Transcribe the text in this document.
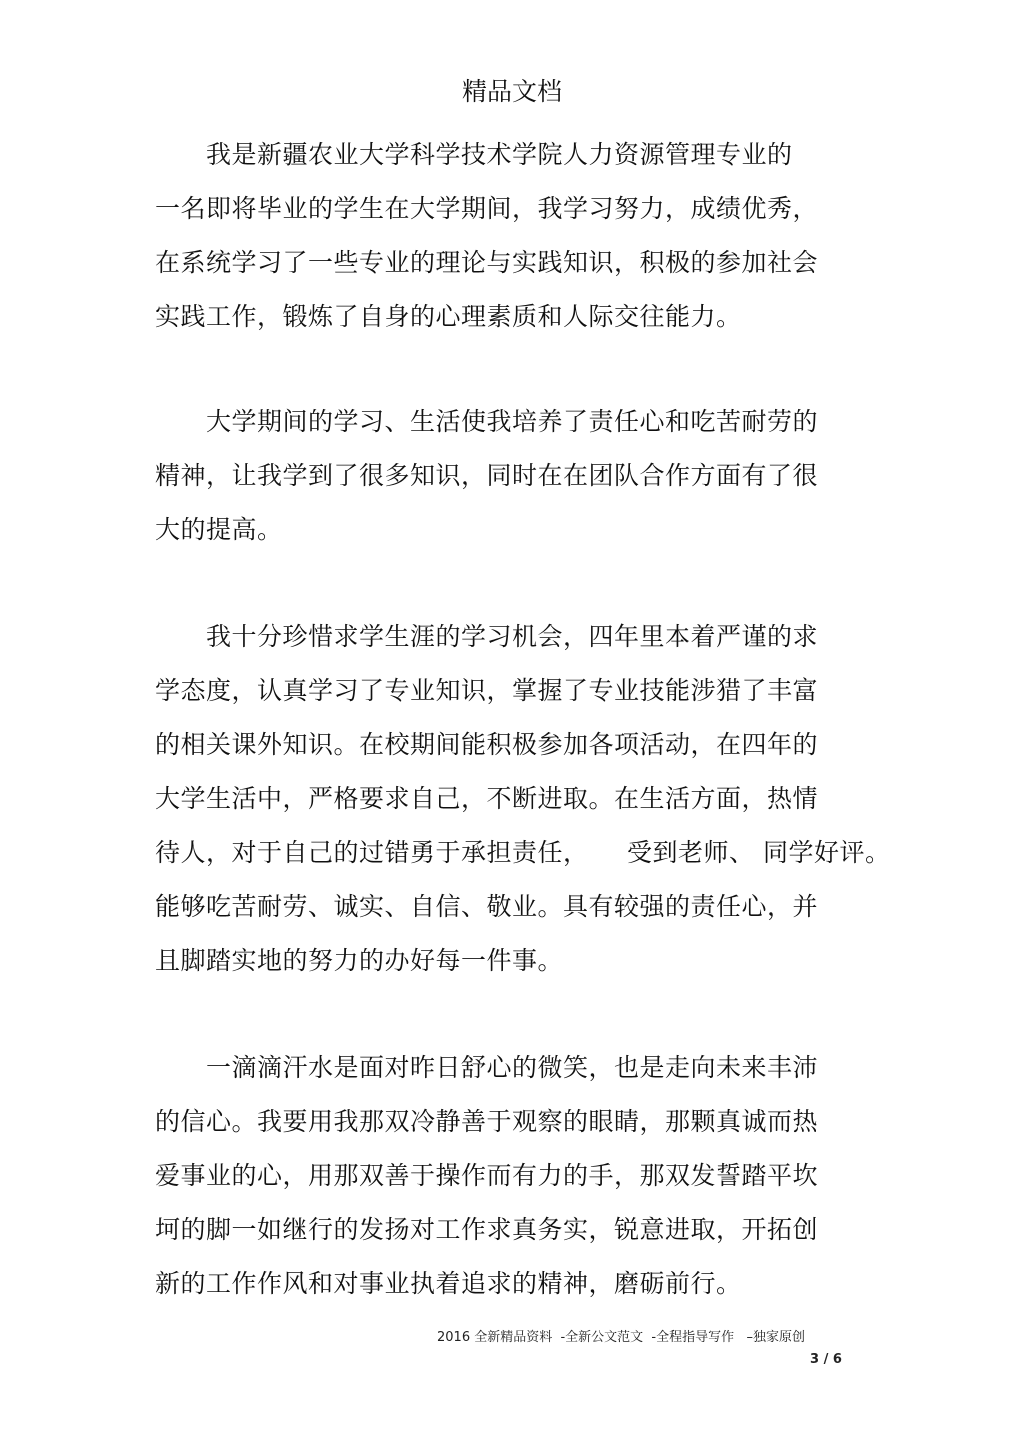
精品文档
　　我是新疆农业大学科学技术学院人力资源管理专业的
一名即将毕业的学生在大学期间，我学习努力，成绩优秀，
在系统学习了一些专业的理论与实践知识，积极的参加社会
实践工作，锻炼了自身的心理素质和人际交往能力。
　　大学期间的学习、生活使我培养了责任心和吃苦耐劳的
精神，让我学到了很多知识，同时在在团队合作方面有了很
大的提高。
　　我十分珍惜求学生涯的学习机会，四年里本着严谨的求
学态度，认真学习了专业知识，掌握了专业技能涉猎了丰富
的相关课外知识。在校期间能积极参加各项活动，在四年的
大学生活中，严格要求自己，不断进取。在生活方面，热情
待人，对于自己的过错勇于承担责任，　　受到老师、 同学好评。
能够吃苦耐劳、诚实、自信、敬业。具有较强的责任心，并
且脚踏实地的努力的办好每一件事。
　　一滴滴汗水是面对昨日舒心的微笑，也是走向未来丰沛
的信心。我要用我那双冷静善于观察的眼睛，那颗真诚而热
爱事业的心，用那双善于操作而有力的手，那双发誓踏平坎
坷的脚一如继行的发扬对工作求真务实，锐意进取，开拓创
新的工作作风和对事业执着追求的精神，磨砺前行。
2016 全新精品资料  -全新公文范文  -全程指导写作   –独家原创
3 / 6
